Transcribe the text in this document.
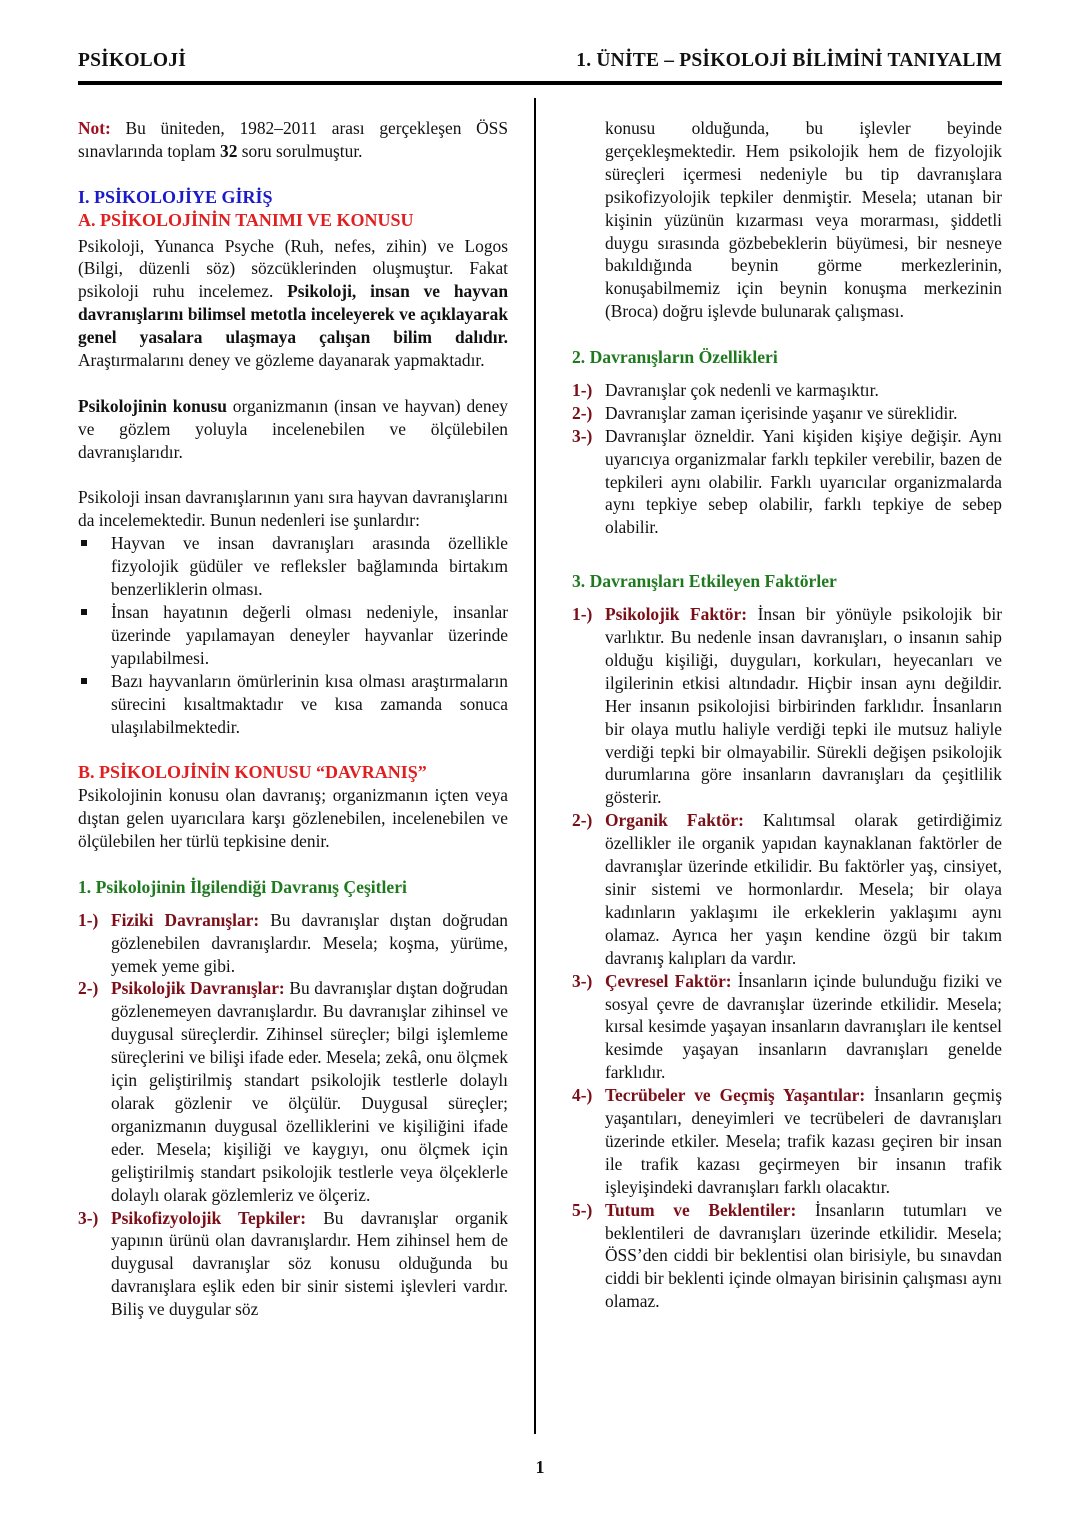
PSİKOLOJİ	1. ÜNİTE – PSİKOLOJİ BİLİMİNİ TANIYALIM

Not: Bu üniteden, 1982–2011 arası gerçekleşen ÖSS sınavlarında toplam 32 soru sorulmuştur.

I. PSİKOLOJİYE GİRİŞ
A. PSİKOLOJİNİN TANIMI VE KONUSU

Psikoloji, Yunanca Psyche (Ruh, nefes, zihin) ve Logos (Bilgi, düzenli söz) sözcüklerinden oluşmuştur. Fakat psikoloji ruhu incelemez. Psikoloji, insan ve hayvan davranışlarını bilimsel metotla inceleyerek ve açıklayarak genel yasalara ulaşmaya çalışan bilim dalıdır. Araştırmalarını deney ve gözleme dayanarak yapmaktadır.

Psikolojinin konusu organizmanın (insan ve hayvan) deney ve gözlem yoluyla incelenebilen ve ölçülebilen davranışlarıdır.

Psikoloji insan davranışlarının yanı sıra hayvan davranışlarını da incelemektedir. Bunun nedenleri ise şunlardır:

Hayvan ve insan davranışları arasında özellikle fizyolojik güdüler ve refleksler bağlamında birtakım benzerliklerin olması.
İnsan hayatının değerli olması nedeniyle, insanlar üzerinde yapılamayan deneyler hayvanlar üzerinde yapılabilmesi.
Bazı hayvanların ömürlerinin kısa olması araştırmaların sürecini kısaltmaktadır ve kısa zamanda sonuca ulaşılabilmektedir.
B. PSİKOLOJİNİN KONUSU “DAVRANIŞ”

Psikolojinin konusu olan davranış; organizmanın içten veya dıştan gelen uyarıcılara karşı gözlenebilen, incelenebilen ve ölçülebilen her türlü tepkisine denir.

1. Psikolojinin İlgilendiği Davranış Çeşitleri
1-) Fiziki Davranışlar: Bu davranışlar dıştan doğrudan gözlenebilen davranışlardır. Mesela; koşma, yürüme, yemek yeme gibi.
2-) Psikolojik Davranışlar: Bu davranışlar dıştan doğrudan gözlenemeyen davranışlardır. Bu davranışlar zihinsel ve duygusal süreçlerdir. Zihinsel süreçler; bilgi işlemleme süreçlerini ve bilişi ifade eder. Mesela; zekâ, onu ölçmek için geliştirilmiş standart psikolojik testlerle dolaylı olarak gözlenir ve ölçülür. Duygusal süreçler; organizmanın duygusal özelliklerini ve kişiliğini ifade eder. Mesela; kişiliği ve kaygıyı, onu ölçmek için geliştirilmiş standart psikolojik testlerle veya ölçeklerle dolaylı olarak gözlemleriz ve ölçeriz.
3-) Psikofizyolojik Tepkiler: Bu davranışlar organik yapının ürünü olan davranışlardır. Hem zihinsel hem de duygusal davranışlar söz konusu olduğunda bu davranışlara eşlik eden bir sinir sistemi işlevleri vardır. Biliş ve duygular söz

konusu olduğunda, bu işlevler beyinde gerçekleşmektedir. Hem psikolojik hem de fizyolojik süreçleri içermesi nedeniyle bu tip davranışlara psikofizyolojik tepkiler denmiştir. Mesela; utanan bir kişinin yüzünün kızarması veya morarması, şiddetli duygu sırasında gözbebeklerin büyümesi, bir nesneye bakıldığında beynin görme merkezlerinin, konuşabilmemiz için beynin konuşma merkezinin (Broca) doğru işlevde bulunarak çalışması.

2. Davranışların Özellikleri
1-) Davranışlar çok nedenli ve karmaşıktır.
2-) Davranışlar zaman içerisinde yaşanır ve süreklidir.
3-) Davranışlar özneldir. Yani kişiden kişiye değişir. Aynı uyarıcıya organizmalar farklı tepkiler verebilir, bazen de tepkileri aynı olabilir. Farklı uyarıcılar organizmalarda aynı tepkiye sebep olabilir, farklı tepkiye de sebep olabilir.
3. Davranışları Etkileyen Faktörler
1-) Psikolojik Faktör: İnsan bir yönüyle psikolojik bir varlıktır. Bu nedenle insan davranışları, o insanın sahip olduğu kişiliği, duyguları, korkuları, heyecanları ve ilgilerinin etkisi altındadır. Hiçbir insan aynı değildir. Her insanın psikolojisi birbirinden farklıdır. İnsanların bir olaya mutlu haliyle verdiği tepki ile mutsuz haliyle verdiği tepki bir olmayabilir. Sürekli değişen psikolojik durumlarına göre insanların davranışları da çeşitlilik gösterir.
2-) Organik Faktör: Kalıtımsal olarak getirdiğimiz özellikler ile organik yapıdan kaynaklanan faktörler de davranışlar üzerinde etkilidir. Bu faktörler yaş, cinsiyet, sinir sistemi ve hormonlardır. Mesela; bir olaya kadınların yaklaşımı ile erkeklerin yaklaşımı aynı olamaz. Ayrıca her yaşın kendine özgü bir takım davranış kalıpları da vardır.
3-) Çevresel Faktör: İnsanların içinde bulunduğu fiziki ve sosyal çevre de davranışlar üzerinde etkilidir. Mesela; kırsal kesimde yaşayan insanların davranışları ile kentsel kesimde yaşayan insanların davranışları genelde farklıdır.
4-) Tecrübeler ve Geçmiş Yaşantılar: İnsanların geçmiş yaşantıları, deneyimleri ve tecrübeleri de davranışları üzerinde etkiler. Mesela; trafik kazası geçiren bir insan ile trafik kazası geçirmeyen bir insanın trafik işleyişindeki davranışları farklı olacaktır.
5-) Tutum ve Beklentiler: İnsanların tutumları ve beklentileri de davranışları üzerinde etkilidir. Mesela; ÖSS’den ciddi bir beklentisi olan birisiyle, bu sınavdan ciddi bir beklenti içinde olmayan birisinin çalışması aynı olamaz.
1
